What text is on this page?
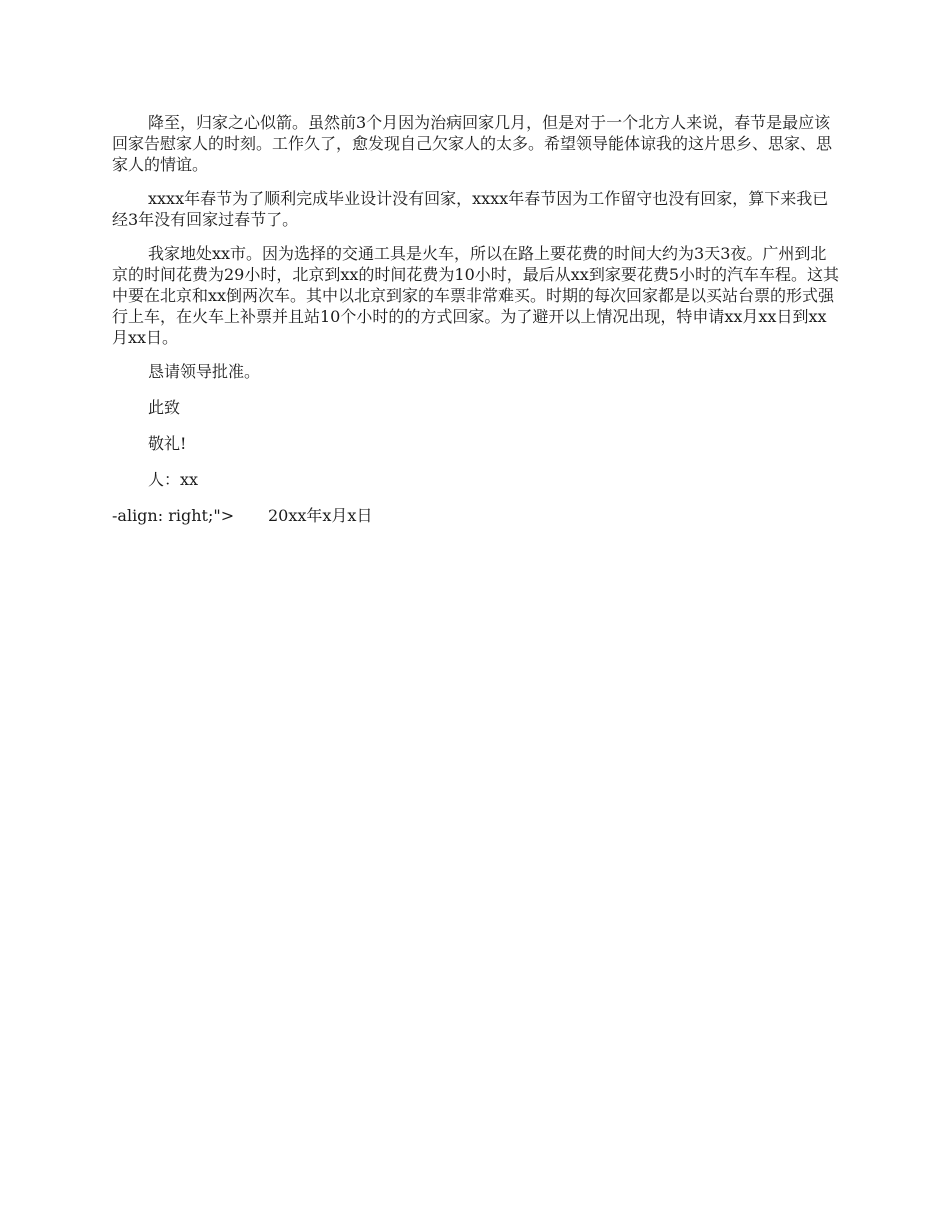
降至，归家之心似箭。虽然前3个月因为治病回家几月，但是对于一个北方人来说，春节是最应该回家告慰家人的时刻。工作久了，愈发现自己欠家人的太多。希望领导能体谅我的这片思乡、思家、思家人的情谊。

xxxx年春节为了顺利完成毕业设计没有回家，xxxx年春节因为工作留守也没有回家，算下来我已经3年没有回家过春节了。

我家地处xx市。因为选择的交通工具是火车，所以在路上要花费的时间大约为3天3夜。广州到北京的时间花费为29小时，北京到xx的时间花费为10小时，最后从xx到家要花费5小时的汽车车程。这其中要在北京和xx倒两次车。其中以北京到家的车票非常难买。时期的每次回家都是以买站台票的形式强行上车，在火车上补票并且站10个小时的的方式回家。为了避开以上情况出现，特申请xx月xx日到xx月xx日。

恳请领导批准。

此致

敬礼!

人：xx

-align: right;"> 20xx年x月x日
